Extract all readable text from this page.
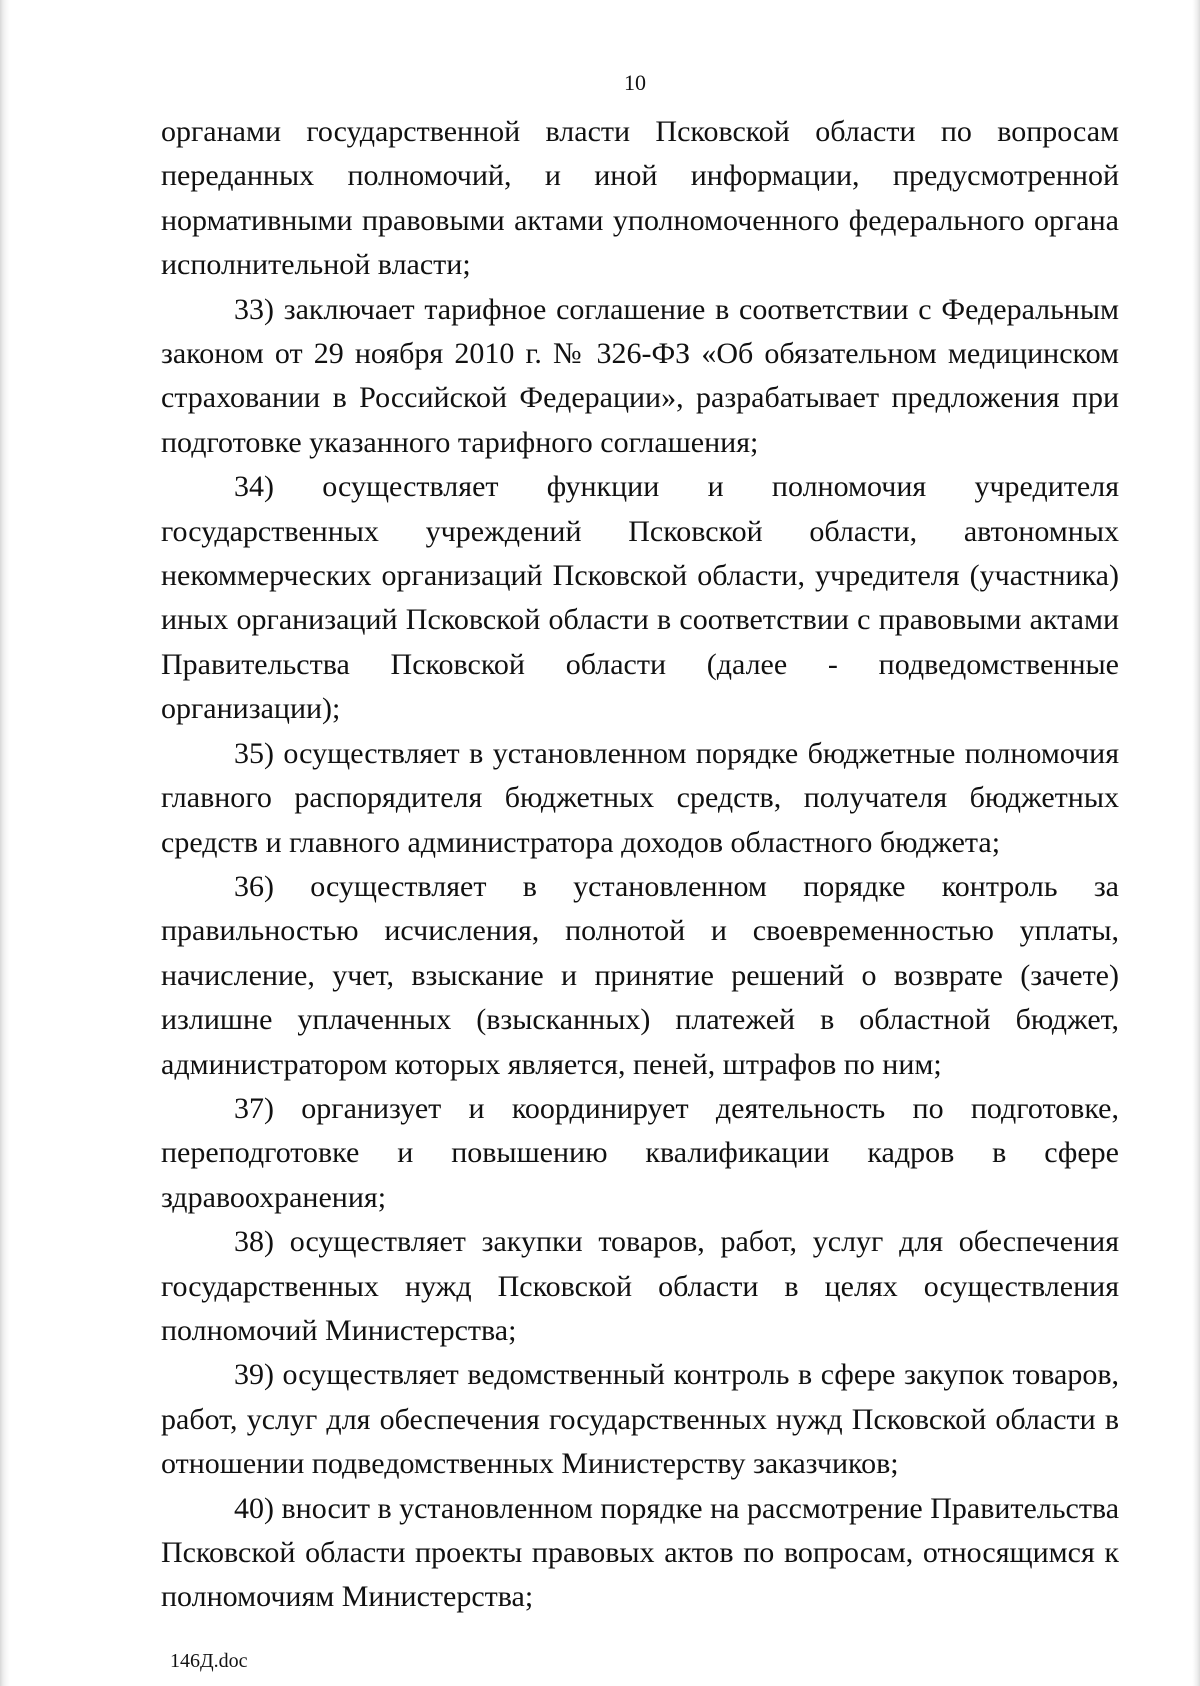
10

органами государственной власти Псковской области по вопросам переданных полномочий, и иной информации, предусмотренной нормативными правовыми актами уполномоченного федерального органа исполнительной власти;

33) заключает тарифное соглашение в соответствии с Федеральным законом от 29 ноября 2010 г. № 326-ФЗ «Об обязательном медицинском страховании в Российской Федерации», разрабатывает предложения при подготовке указанного тарифного соглашения;

34) осуществляет функции и полномочия учредителя государственных учреждений Псковской области, автономных некоммерческих организаций Псковской области, учредителя (участника) иных организаций Псковской области в соответствии с правовыми актами Правительства Псковской области (далее - подведомственные организации);

35) осуществляет в установленном порядке бюджетные полномочия главного распорядителя бюджетных средств, получателя бюджетных средств и главного администратора доходов областного бюджета;

36) осуществляет в установленном порядке контроль за правильностью исчисления, полнотой и своевременностью уплаты, начисление, учет, взыскание и принятие решений о возврате (зачете) излишне уплаченных (взысканных) платежей в областной бюджет, администратором которых является, пеней, штрафов по ним;

37) организует и координирует деятельность по подготовке, переподготовке и повышению квалификации кадров в сфере здравоохранения;

38) осуществляет закупки товаров, работ, услуг для обеспечения государственных нужд Псковской области в целях осуществления полномочий Министерства;

39) осуществляет ведомственный контроль в сфере закупок товаров, работ, услуг для обеспечения государственных нужд Псковской области в отношении подведомственных Министерству заказчиков;

40) вносит в установленном порядке на рассмотрение Правительства Псковской области проекты правовых актов по вопросам, относящимся к полномочиям Министерства;

146Д.doc
